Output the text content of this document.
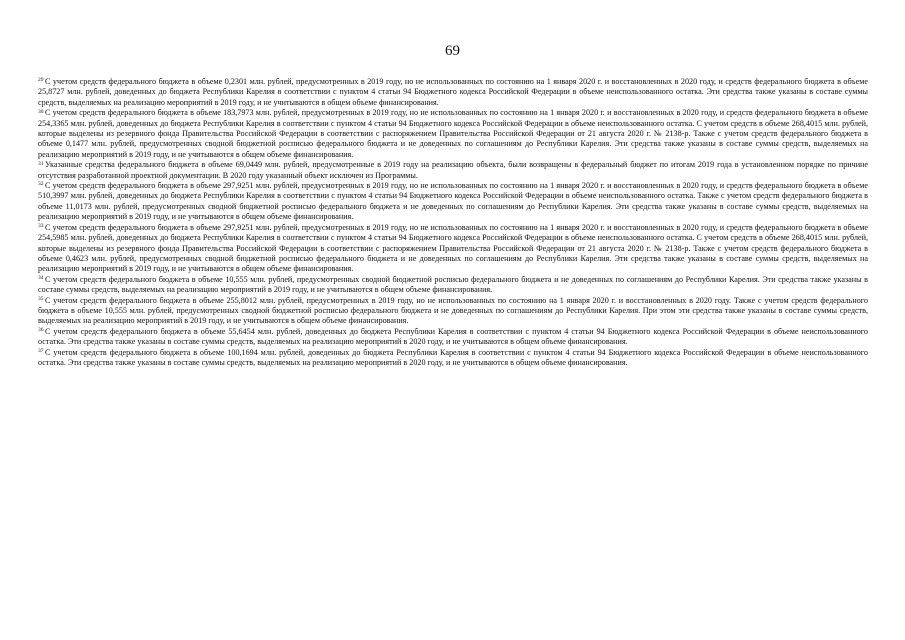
69

$^{29}$ С учетом средств федерального бюджета в объеме 0,2301 млн. рублей, предусмотренных в 2019 году, но не использованных по состоянию на 1 января 2020 г. и восстановленных в 2020 году, и средств федерального бюджета в объеме 25,8727 млн. рублей, доведенных до бюджета Республики Карелия в соответствии с пунктом 4 статьи 94 Бюджетного кодекса Российской Федерации в объеме неиспользованного остатка. Эти средства также указаны в составе суммы средств, выделяемых на реализацию мероприятий в 2019 году, и не учитываются в общем объеме финансирования.

$^{30}$ С учетом средств федерального бюджета в объеме 183,7973 млн. рублей, предусмотренных в 2019 году, но не использованных по состоянию на 1 января 2020 г. и восстановленных в 2020 году, и средств федерального бюджета в объеме 254,3365 млн. рублей, доведенных до бюджета Республики Карелия в соответствии с пунктом 4 статьи 94 Бюджетного кодекса Российской Федерации в объеме неиспользованного остатка. С учетом средств в объеме 268,4015 млн. рублей, которые выделены из резервного фонда Правительства Российской Федерации в соответствии с распоряжением Правительства Российской Федерации от 21 августа 2020 г. № 2138-р. Также с учетом средств федерального бюджета в объеме 0,1477 млн. рублей, предусмотренных сводной бюджетной росписью федерального бюджета и не доведенных по соглашениям до Республики Карелия. Эти средства также указаны в составе суммы средств, выделяемых на реализацию мероприятий в 2019 году, и не учитываются в общем объеме финансирования.

$^{31}$ Указанные средства федерального бюджета в объеме 69,0449 млн. рублей, предусмотренные в 2019 году на реализацию объекта, были возвращены в федеральный бюджет по итогам 2019 года в установленном порядке по причине отсутствия разработанной проектной документации. В 2020 году указанный объект исключен из Программы.

$^{32}$ С учетом средств федерального бюджета в объеме 297,9251 млн. рублей, предусмотренных в 2019 году, но не использованных по состоянию на 1 января 2020 г. и восстановленных в 2020 году, и средств федерального бюджета в объеме 510,3997 млн. рублей, доведенных до бюджета Республики Карелия в соответствии с пунктом 4 статьи 94 Бюджетного кодекса Российской Федерации в объеме неиспользованного остатка. Также с учетом средств федерального бюджета в объеме 11,0173 млн. рублей, предусмотренных сводной бюджетной росписью федерального бюджета и не доведенных по соглашениям до Республики Карелия. Эти средства также указаны в составе суммы средств, выделяемых на реализацию мероприятий в 2019 году, и не учитываются в общем объеме финансирования.

$^{33}$ С учетом средств федерального бюджета в объеме 297,9251 млн. рублей, предусмотренных в 2019 году, но не использованных по состоянию на 1 января 2020 г. и восстановленных в 2020 году, и средств федерального бюджета в объеме 254,5985 млн. рублей, доведенных до бюджета Республики Карелия в соответствии с пунктом 4 статьи 94 Бюджетного кодекса Российской Федерации в объеме неиспользованного остатка. С учетом средств в объеме 268,4015 млн. рублей, которые выделены из резервного фонда Правительства Российской Федерации в соответствии с распоряжением Правительства Российской Федерации от 21 августа 2020 г. № 2138-р. Также с учетом средств федерального бюджета в объеме 0,4623 млн. рублей, предусмотренных сводной бюджетной росписью федерального бюджета и не доведенных по соглашениям до Республики Карелия. Эти средства также указаны в составе суммы средств, выделяемых на реализацию мероприятий в 2019 году, и не учитываются в общем объеме финансирования.

$^{34}$ С учетом средств федерального бюджета в объеме 10,555 млн. рублей, предусмотренных сводной бюджетной росписью федерального бюджета и не доведенных по соглашениям до Республики Карелия. Эти средства также указаны в составе суммы средств, выделяемых на реализацию мероприятий в 2019 году, и не учитываются в общем объеме финансирования.

$^{35}$ С учетом средств федерального бюджета в объеме 255,8012 млн. рублей, предусмотренных в 2019 году, но не использованных по состоянию на 1 января 2020 г. и восстановленных в 2020 году. Также с учетом средств федерального бюджета в объеме 10,555 млн. рублей, предусмотренных сводной бюджетной росписью федерального бюджета и не доведенных по соглашениям до Республики Карелия. При этом эти средства также указаны в составе суммы средств, выделяемых на реализацию мероприятий в 2019 году, и не учитываются в общем объеме финансирования.

$^{36}$ С учетом средств федерального бюджета в объеме 55,6454 млн. рублей, доведенных до бюджета Республики Карелия в соответствии с пунктом 4 статьи 94 Бюджетного кодекса Российской Федерации в объеме неиспользованного остатка. Эти средства также указаны в составе суммы средств, выделяемых на реализацию мероприятий в 2020 году, и не учитываются в общем объеме финансирования.

$^{37}$ С учетом средств федерального бюджета в объеме 100,1694 млн. рублей, доведенных до бюджета Республики Карелия в соответствии с пунктом 4 статьи 94 Бюджетного кодекса Российской Федерации в объеме неиспользованного остатка. Эти средства также указаны в составе суммы средств, выделяемых на реализацию мероприятий в 2020 году, и не учитываются в общем объеме финансирования.
